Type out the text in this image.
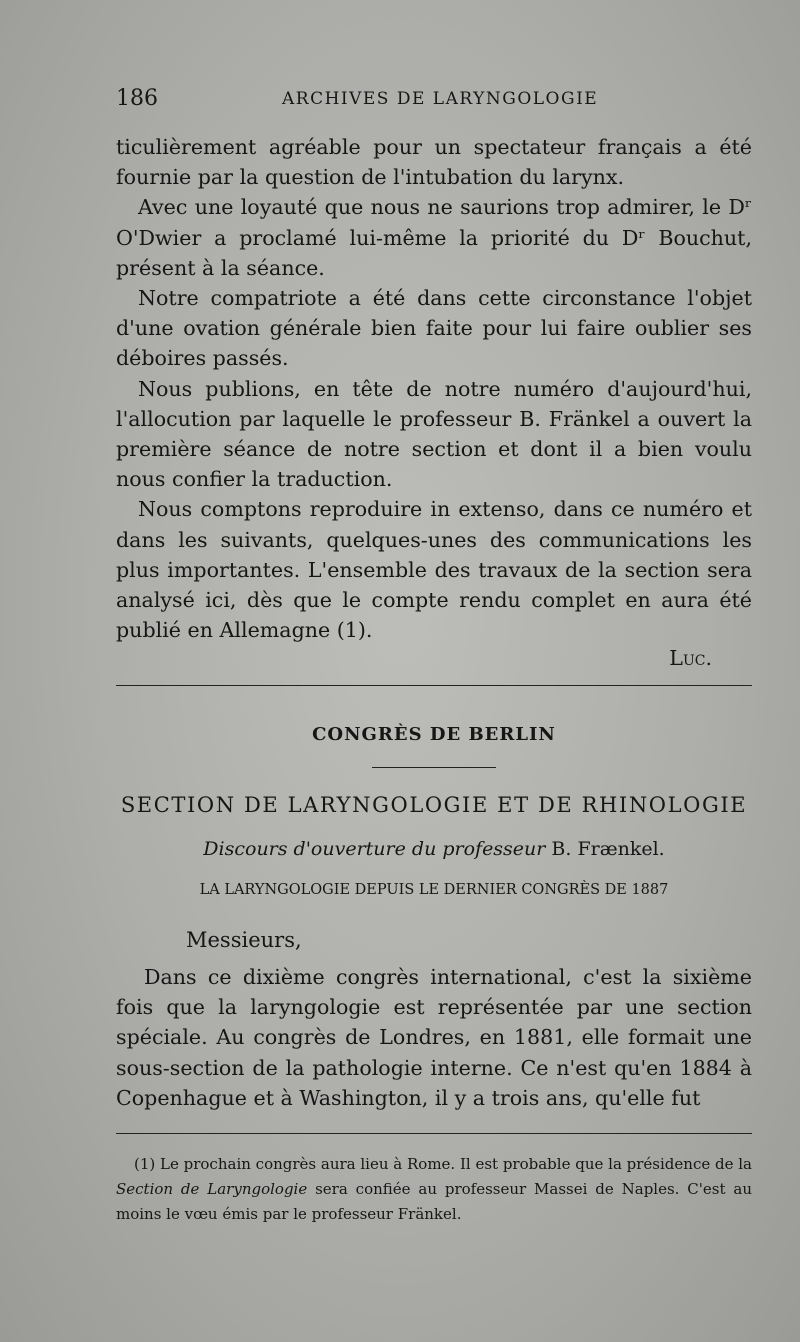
186	ARCHIVES DE LARYNGOLOGIE

ticulièrement agréable pour un spectateur français a été fournie par la question de l'intubation du larynx.

Avec une loyauté que nous ne saurions trop admirer, le Dʳ O'Dwier a proclamé lui-même la priorité du Dʳ Bouchut, présent à la séance.

Notre compatriote a été dans cette circonstance l'objet d'une ovation générale bien faite pour lui faire oublier ses déboires passés.

Nous publions, en tête de notre numéro d'aujourd'hui, l'allocution par laquelle le professeur B. Fränkel a ouvert la première séance de notre section et dont il a bien voulu nous confier la traduction.

Nous comptons reproduire in extenso, dans ce numéro et dans les suivants, quelques-unes des communications les plus importantes. L'ensemble des travaux de la section sera analysé ici, dès que le compte rendu complet en aura été publié en Allemagne (1).

Luc.
CONGRÈS DE BERLIN
SECTION DE LARYNGOLOGIE ET DE RHINOLOGIE
Discours d'ouverture du professeur B. Frænkel.
LA LARYNGOLOGIE DEPUIS LE DERNIER CONGRÈS DE 1887
Messieurs,

Dans ce dixième congrès international, c'est la sixième fois que la laryngologie est représentée par une section spéciale. Au congrès de Londres, en 1881, elle formait une sous-section de la pathologie interne. Ce n'est qu'en 1884 à Copenhague et à Washington, il y a trois ans, qu'elle fut

(1) Le prochain congrès aura lieu à Rome. Il est probable que la présidence de la Section de Laryngologie sera confiée au professeur Massei de Naples. C'est au moins le vœu émis par le professeur Fränkel.
